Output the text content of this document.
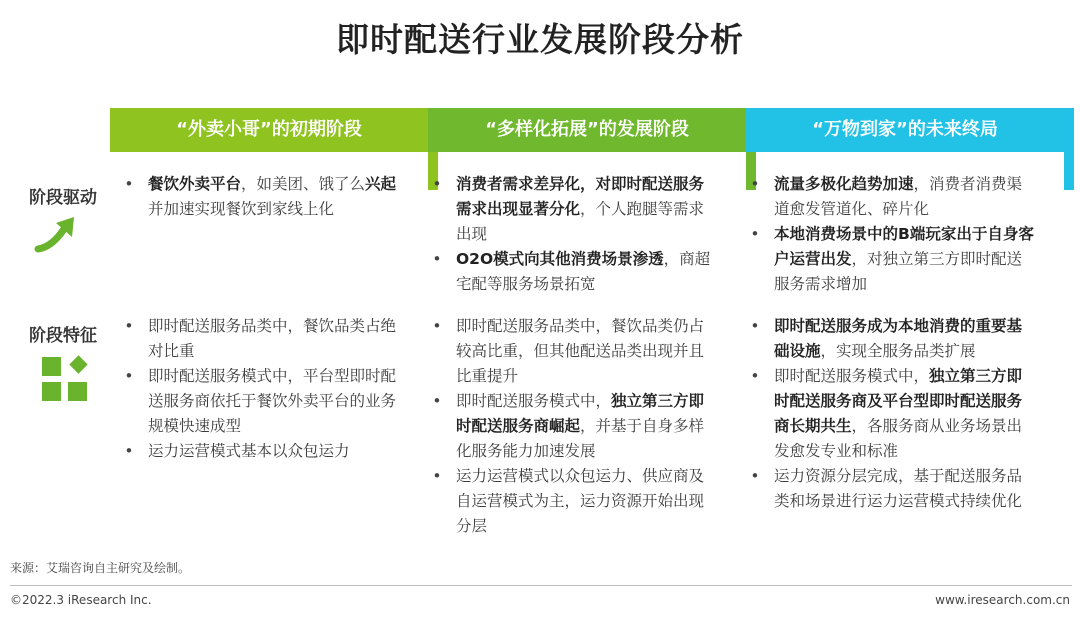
即时配送行业发展阶段分析
阶段驱动
阶段特征
“外卖小哥”的初期阶段
• 餐饮外卖平台，如美团、饿了么兴起并加速实现餐饮到家线上化
• 即时配送服务品类中，餐饮品类占绝对比重
• 即时配送服务模式中，平台型即时配送服务商依托于餐饮外卖平台的业务规模快速成型
• 运力运营模式基本以众包运力
“多样化拓展”的发展阶段
• 消费者需求差异化，对即时配送服务需求出现显著分化，个人跑腿等需求出现
• O2O模式向其他消费场景渗透，商超宅配等服务场景拓宽
• 即时配送服务品类中，餐饮品类仍占较高比重，但其他配送品类出现并且比重提升
• 即时配送服务模式中，独立第三方即时配送服务商崛起，并基于自身多样化服务能力加速发展
• 运力运营模式以众包运力、供应商及自运营模式为主，运力资源开始出现分层
“万物到家”的未来终局
• 流量多极化趋势加速，消费者消费渠道愈发管道化、碎片化
• 本地消费场景中的B端玩家出于自身客户运营出发，对独立第三方即时配送服务需求增加
• 即时配送服务成为本地消费的重要基础设施，实现全服务品类扩展
• 即时配送服务模式中，独立第三方即时配送服务商及平台型即时配送服务商长期共生，各服务商从业务场景出发愈发专业和标准
• 运力资源分层完成，基于配送服务品类和场景进行运力运营模式持续优化
来源：艾瑞咨询自主研究及绘制。
©2022.3 iResearch Inc.	www.iresearch.com.cn
